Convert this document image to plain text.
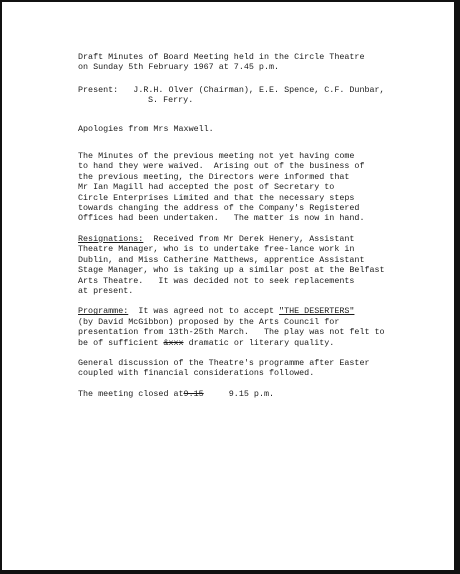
Draft Minutes of Board Meeting held in the Circle Theatre
on Sunday 5th February 1967 at 7.45 p.m.
Present: J.R.H. Olver (Chairman), E.E. Spence, C.F. Dunbar,
S. Ferry.
Apologies from Mrs Maxwell.
The Minutes of the previous meeting not yet having come
to hand they were waived.  Arising out of the business of
the previous meeting, the Directors were informed that
Mr Ian Magill had accepted the post of Secretary to
Circle Enterprises Limited and that the necessary steps
towards changing the address of the Company's Registered
Offices had been undertaken.   The matter is now in hand.
Resignations:  Received from Mr Derek Henery, Assistant
Theatre Manager, who is to undertake free-lance work in
Dublin, and Miss Catherine Matthews, apprentice Assistant
Stage Manager, who is taking up a similar post at the Belfast
Arts Theatre.   It was decided not to seek replacements
at present.
Programme:  It was agreed not to accept "THE DESERTERS"
(by David McGibbon) proposed by the Arts Council for
presentation from 13th-25th March.   The play was not felt to
be of sufficient &xxx dramatic or literary quality.
General discussion of the Theatre's programme after Easter
coupled with financial considerations followed.
The meeting closed at9.15     9.15 p.m.
